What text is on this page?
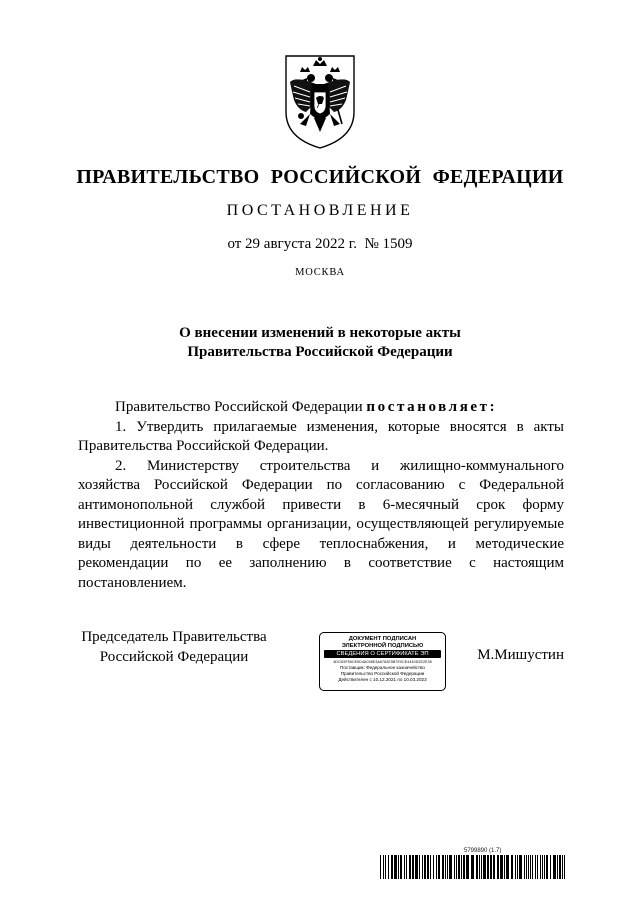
ПРАВИТЕЛЬСТВО РОССИЙСКОЙ ФЕДЕРАЦИИ
ПОСТАНОВЛЕНИЕ
от 29 августа 2022 г.  № 1509
МОСКВА
О внесении изменений в некоторые акты
Правительства Российской Федерации
Правительство Российской Федерации постановляет:
1. Утвердить прилагаемые изменения, которые вносятся в акты
Правительства Российской Федерации.
2. Министерству строительства и жилищно-коммунального
хозяйства Российской Федерации по согласованию с Федеральной
антимонопольной службой привести в 6-месячный срок форму
инвестиционной программы организации, осуществляющей регулируемые
виды деятельности в сфере теплоснабжения, и методические
рекомендации по ее заполнению в соответствие с настоящим
постановлением.
Председатель Правительства
Российской Федерации
ДОКУМЕНТ ПОДПИСАН
ЭЛЕКТРОННОЙ ПОДПИСЬЮ
СВЕДЕНИЯ О СЕРТИФИКАТЕ ЭП
4DCD9F55CE5D4A038E3A6782E0B7E0CE4440D2E2E35
Поставщик: Федеральное казначейство
Правительство Российской Федерации
Действителен с 10.12.2021 по 10.03.2023
М.Мишустин
5799890 (1.7)
